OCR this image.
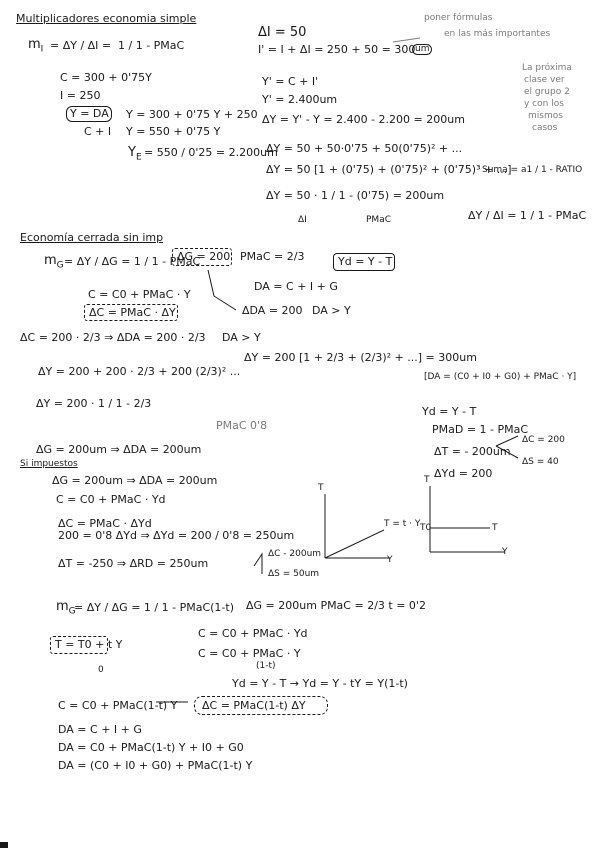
Multiplicadores economia simple
$m_I = \Delta Y / \Delta I = 1 / 1$ - PMaC
C = 300 + 0'75Y
I = 250
Y = DA
C + I
Y = 300 + 0'75 Y + 250
Y = 550 + 0'75 Y
$Y_E = 550 / 0'25 = 2.200um$
ΔI = 50
I' = I + ΔI = 250 + 50 = 300 um
poner fórmulas
en las más importantes
La próxima
clase ver
el grupo 2
y con los
mismos
casos
Y' = C + I'
Y' = 2.400um
ΔY = Y' - Y = 2.400 - 2.200 = 200um
ΔY = 50 + 50·0'75 + 50(0'75)² + ...
ΔY = 50 [1 + (0'75) + (0'75)² + (0'75)³ + ...]
Suma = a1 / 1 - RATIO
ΔY = 50 · 1 / 1 - (0'75) = 200um
ΔI	PMaC	ΔY / ΔI = 1 / 1 - PMaC
Economía cerrada sin imp
$m_G = \Delta Y / \Delta G = 1 / 1$ - PMaC
ΔG = 200 PMaC = 2/3	Yd = Y - T
DA = C + I + G
C = C0 + PMaC · Y
ΔC = PMaC · ΔY	ΔDA = 200 DA > Y
ΔC = 200 · 2/3 ⇒ ΔDA = 200 · 2/3 DA > Y
ΔY = 200 + 200 · 2/3 + 200 (2/3)² ...
ΔY = 200 [1 + 2/3 + (2/3)² + ...] = 300um
[DA = (C0 + I0 + G0) + PMaC · Y]
ΔY = 200 · 1 / 1 - 2/3
PMaC 0'8
Yd = Y - T
PMaD = 1 - PMaC
ΔT = - 200um
ΔC = 200
ΔS = 40
ΔYd = 200
ΔG = 200um ⇒ ΔDA = 200um
Si impuestos
ΔG = 200um ⇒ ΔDA = 200um
C = C0 + PMaC · Yd
ΔC = PMaC · ΔYd
200 = 0'8 ΔYd ⇒ ΔYd = 200 / 0'8 = 250um
ΔC - 200um
ΔT = -250 ⇒ ΔRD = 250um
ΔS = 50um
T
T = t · Y
Y
T
T0	T
Y
$m_G$
= ΔY / ΔG = 1 / 1 - PMaC(1-t) ΔG = 200um PMaC = 2/3 t = 0'2
T = T0 + t Y
0
C = C0 + PMaC · Yd
C = C0 + PMaC · Y
(1-t)
Yd = Y - T → Yd = Y - tY = Y(1-t)
C = C0 + PMaC(1-t) Y ΔC = PMaC(1-t) ΔY
DA = C + I + G
DA = C0 + PMaC(1-t) Y + I0 + G0
DA = (C0 + I0 + G0) + PMaC(1-t) Y
